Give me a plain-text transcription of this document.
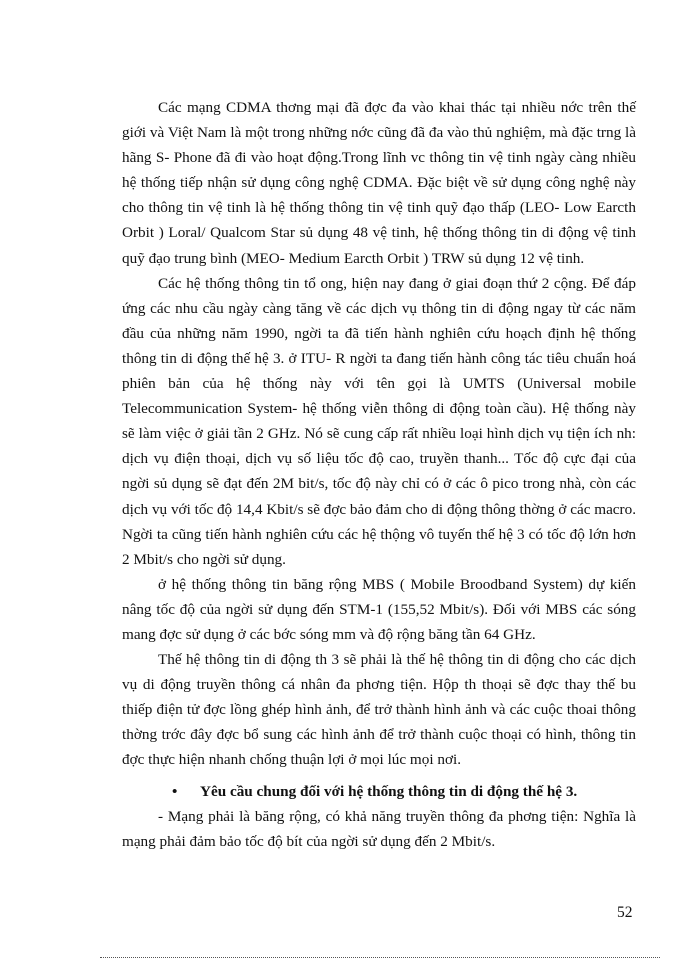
Các mạng CDMA thơng mại đã đợc đa vào khai thác tại nhiều nớc trên thế giới và Việt Nam là một trong những nớc cũng đã đa vào thủ nghiệm, mà đặc trng là hãng S- Phone đã đi vào hoạt động.Trong lĩnh vc thông tin vệ tinh ngày càng nhiều hệ thống tiếp nhận sử dụng công nghệ CDMA. Đặc biệt về sử dụng công nghệ này cho thông tin vệ tinh là hệ thống thông tin vệ tinh quỹ đạo thấp (LEO- Low Earcth Orbit ) Loral/ Qualcom Star sủ dụng 48 vệ tinh, hệ thống thông tin di động vệ tinh quỹ đạo trung bình (MEO- Medium Earcth Orbit ) TRW sủ dụng 12 vệ tinh.

Các hệ thống thông tin tổ ong, hiện nay đang ở giai đoạn thứ 2 cộng. Để đáp ứng các nhu cầu ngày càng tăng về các dịch vụ thông tin di động ngay từ các năm đầu của những năm 1990, ngời ta đã tiến hành nghiên cứu hoạch định hệ thống thông tin di động thế hệ 3. ở ITU- R ngời ta đang tiến hành công tác tiêu chuẩn hoá phiên bản của hệ thống này với tên gọi là UMTS (Universal mobile Telecommunication System- hệ thống viễn thông di động toàn cầu). Hệ thống này sẽ làm việc ở giải tần 2 GHz. Nó sẽ cung cấp rất nhiều loại hình dịch vụ tiện ích nh: dịch vụ điện thoại, dịch vụ số liệu tốc độ cao, truyền thanh... Tốc độ cực đại của ngời sủ dụng sẽ đạt đến 2M bit/s, tốc độ này chỉ có ở các ô pico trong nhà, còn các dịch vụ với tốc độ 14,4 Kbit/s sẽ đợc bảo đảm cho di động thông thờng ở các macro. Ngời ta cũng tiến hành nghiên cứu các hệ thộng vô tuyến thế hệ 3 có tốc độ lớn hơn 2 Mbit/s cho ngời sử dụng.

ở hệ thống thông tin băng rộng MBS ( Mobile Broodband System) dự kiến nâng tốc độ của ngời sử dụng đến STM-1 (155,52 Mbit/s). Đối với MBS các sóng mang đợc sử dụng ở các bớc sóng mm và độ rộng băng tần 64 GHz.

Thế hệ thông tin di động th 3 sẽ phải là thế hệ thông tin di động cho các dịch vụ di động truyền thông cá nhân đa phơng tiện. Hộp th thoại sẽ đợc thay thế bu thiếp điện tử đợc lồng ghép hình ảnh, để trở thành hình ảnh và các cuộc thoai thông thờng trớc đây đợc bổ sung các hình ảnh để trở thành cuộc thoại có hình, thông tin đợc thực hiện nhanh chống thuận lợi ở mọi lúc mọi nơi.

• Yêu cầu chung đối với hệ thống thông tin di động thế hệ 3.

- Mạng phải là băng rộng, có khả năng truyền thông đa phơng tiện: Nghĩa là mạng phải đảm bảo tốc độ bít của ngời sử dụng đến 2 Mbit/s.

52
